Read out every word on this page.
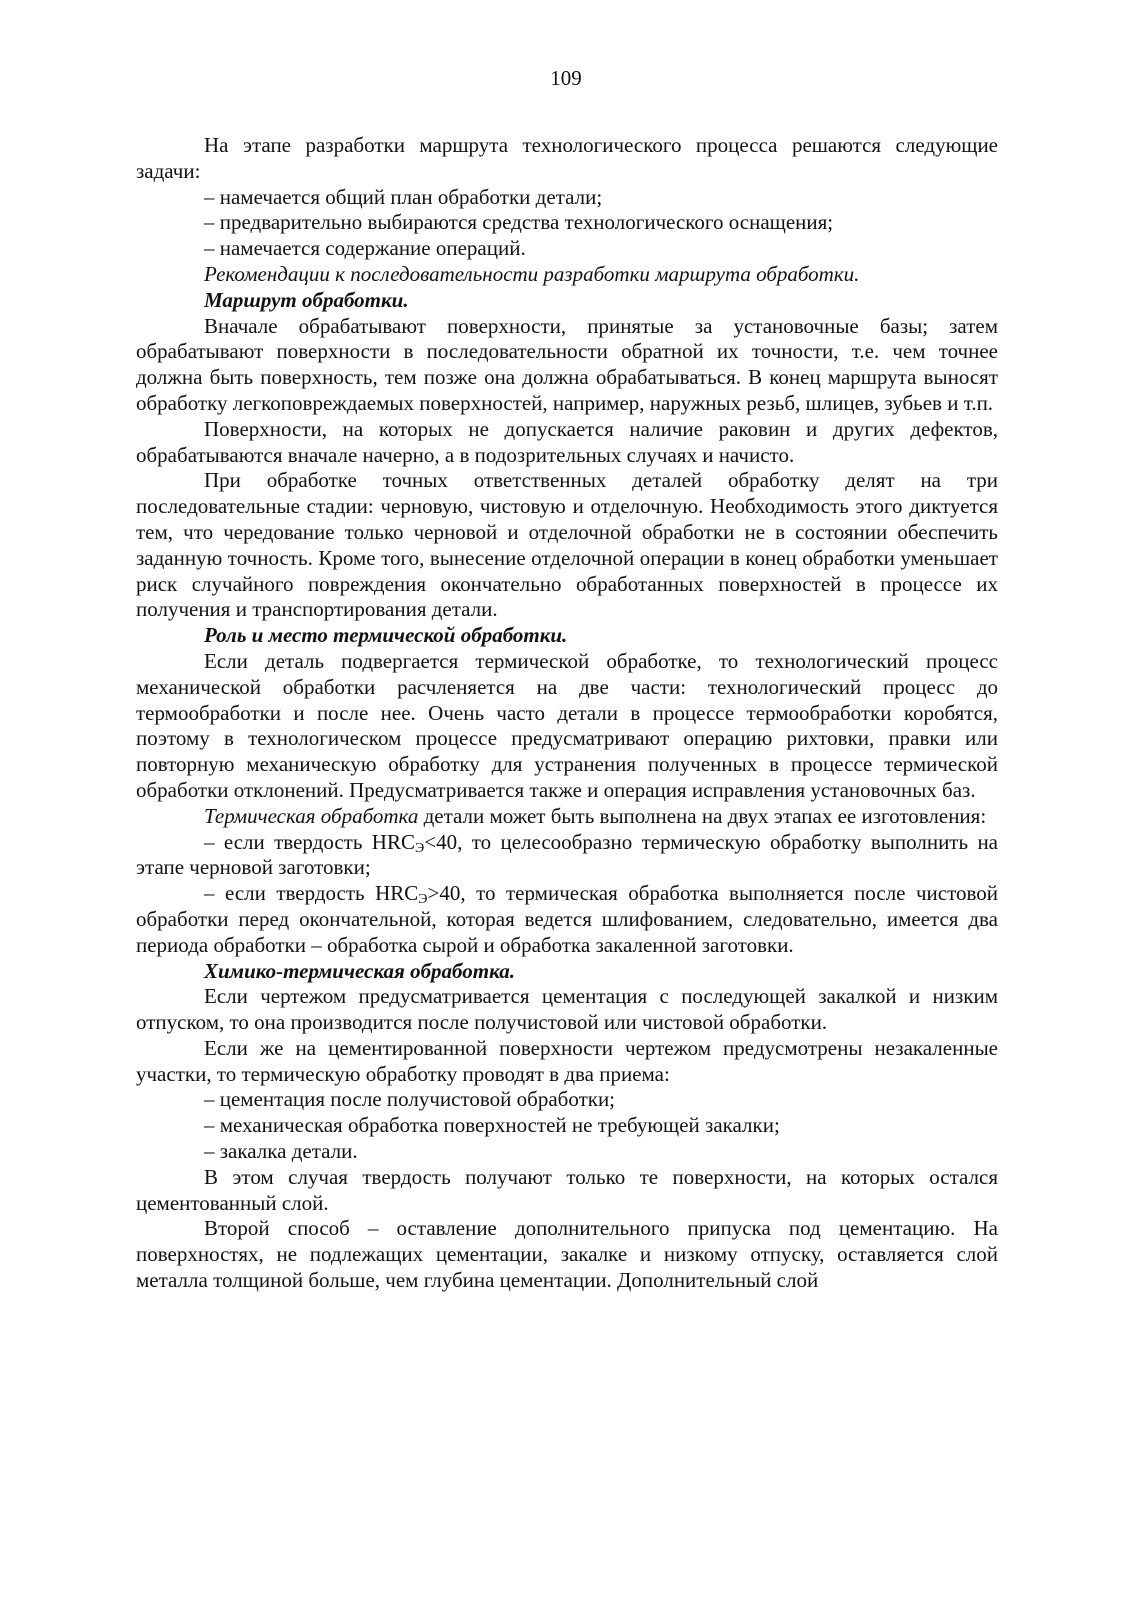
109

На этапе разработки маршрута технологического процесса решаются следующие задачи:

– намечается общий план обработки детали;

– предварительно выбираются средства технологического оснащения;

– намечается содержание операций.

Рекомендации к последовательности разработки маршрута обработки.

Маршрут обработки.

Вначале обрабатывают поверхности, принятые за установочные базы; затем обрабатывают поверхности в последовательности обратной их точности, т.е. чем точнее должна быть поверхность, тем позже она должна обрабатываться. В конец маршрута выносят обработку легкоповреждаемых поверхностей, например, наружных резьб, шлицев, зубьев и т.п.

Поверхности, на которых не допускается наличие раковин и других дефектов, обрабатываются вначале начерно, а в подозрительных случаях и начисто.

При обработке точных ответственных деталей обработку делят на три последовательные стадии: черновую, чистовую и отделочную. Необходимость этого диктуется тем, что чередование только черновой и отделочной обработки не в состоянии обеспечить заданную точность. Кроме того, вынесение отделочной операции в конец обработки уменьшает риск случайного повреждения окончательно обработанных поверхностей в процессе их получения и транспортирования детали.

Роль и место термической обработки.

Если деталь подвергается термической обработке, то технологический процесс механической обработки расчленяется на две части: технологический процесс до термообработки и после нее. Очень часто детали в процессе термообработки коробятся, поэтому в технологическом процессе предусматривают операцию рихтовки, правки или повторную механическую обработку для устранения полученных в процессе термической обработки отклонений. Предусматривается также и операция исправления установочных баз.

Термическая обработка детали может быть выполнена на двух этапах ее изготовления:

– если твердость $HRC_Э<40$, то целесообразно термическую обработку выполнить на этапе черновой заготовки;

– если твердость $HRC_Э>40$, то термическая обработка выполняется после чистовой обработки перед окончательной, которая ведется шлифованием, следовательно, имеется два периода обработки – обработка сырой и обработка закаленной заготовки.

Химико-термическая обработка.

Если чертежом предусматривается цементация с последующей закалкой и низким отпуском, то она производится после получистовой или чистовой обработки.

Если же на цементированной поверхности чертежом предусмотрены незакаленные участки, то термическую обработку проводят в два приема:

– цементация после получистовой обработки;

– механическая обработка поверхностей не требующей закалки;

– закалка детали.

В этом случая твердость получают только те поверхности, на которых остался цементованный слой.

Второй способ – оставление дополнительного припуска под цементацию. На поверхностях, не подлежащих цементации, закалке и низкому отпуску, оставляется слой металла толщиной больше, чем глубина цементации. Дополнительный слой
